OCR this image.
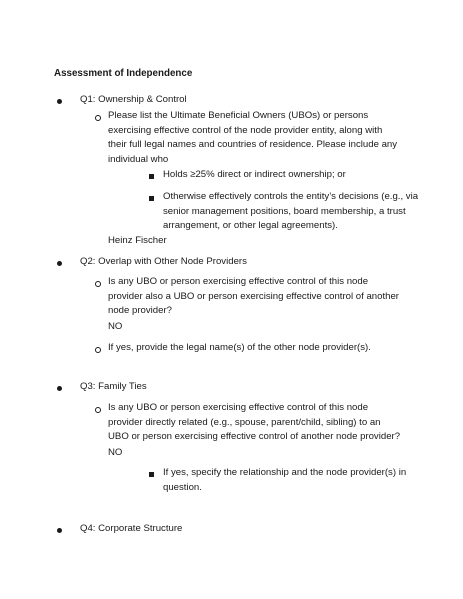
Assessment of Independence
Q1: Ownership & Control
Please list the Ultimate Beneficial Owners (UBOs) or persons
exercising effective control of the node provider entity, along with
their full legal names and countries of residence. Please include any
individual who
Holds ≥25% direct or indirect ownership; or
Otherwise effectively controls the entity’s decisions (e.g., via
senior management positions, board membership, a trust
arrangement, or other legal agreements).
Heinz Fischer
Q2: Overlap with Other Node Providers
Is any UBO or person exercising effective control of this node
provider also a UBO or person exercising effective control of another
node provider?
NO
If yes, provide the legal name(s) of the other node provider(s).
Q3: Family Ties
Is any UBO or person exercising effective control of this node
provider directly related (e.g., spouse, parent/child, sibling) to an
UBO or person exercising effective control of another node provider?
NO
If yes, specify the relationship and the node provider(s) in
question.
Q4: Corporate Structure
